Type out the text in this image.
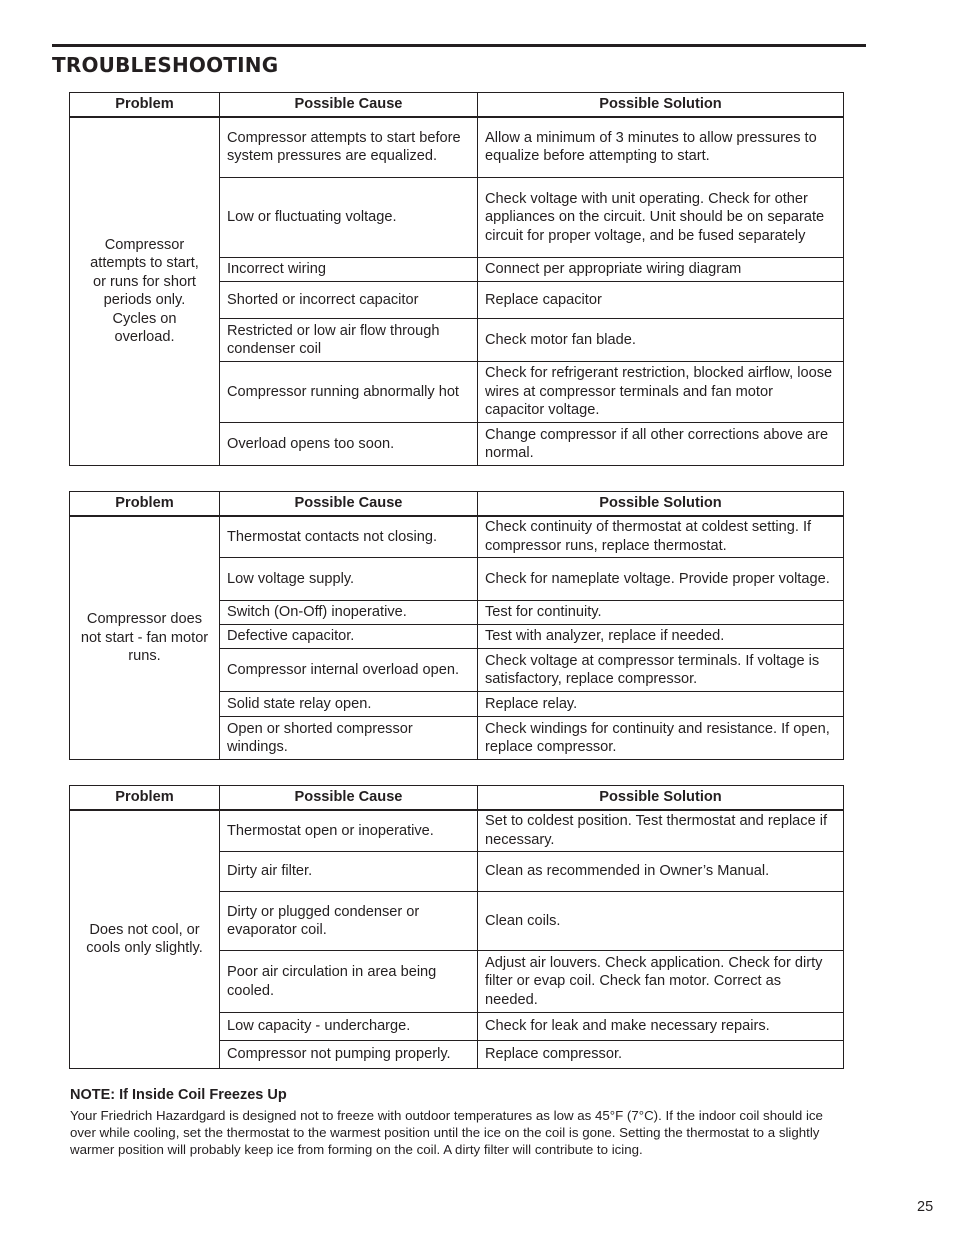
TROUBLESHOOTING
Problem	Possible Cause	Possible Solution

Compressor attempts to start, or runs for short periods only. Cycles on overload.	Compressor attempts to start before system pressures are equalized.	Allow a minimum of 3 minutes to allow pressures to equalize before attempting to start.
	Low or fluctuating voltage.	Check voltage with unit operating. Check for other appliances on the circuit. Unit should be on separate circuit for proper voltage, and be fused separately
	Incorrect wiring	Connect per appropriate wiring diagram
	Shorted or incorrect capacitor	Replace capacitor
	Restricted or low air flow through condenser coil	Check motor fan blade.
	Compressor running abnormally hot	Check for refrigerant restriction, blocked airflow, loose wires at compressor terminals and fan motor capacitor voltage.
	Overload opens too soon.	Change compressor if all other corrections above are normal.
Problem	Possible Cause	Possible Solution

Compressor does not start - fan motor runs.	Thermostat contacts not closing.	Check continuity of thermostat at coldest setting. If compressor runs, replace thermostat.
	Low voltage supply.	Check for nameplate voltage. Provide proper voltage.
	Switch (On-Off) inoperative.	Test for continuity.
	Defective capacitor.	Test with analyzer, replace if needed.
	Compressor internal overload open.	Check voltage at compressor terminals. If voltage is satisfactory, replace compressor.
	Solid state relay open.	Replace relay.
	Open or shorted compressor windings.	Check windings for continuity and resistance. If open, replace compressor.
Problem	Possible Cause	Possible Solution

Does not cool, or cools only slightly.	Thermostat open or inoperative.	Set to coldest position. Test thermostat and replace if necessary.
	Dirty air filter.	Clean as recommended in Owner’s Manual.
	Dirty or plugged condenser or evaporator coil.	Clean coils.
	Poor air circulation in area being cooled.	Adjust air louvers. Check application. Check for dirty filter or evap coil. Check fan motor. Correct as needed.
	Low capacity - undercharge.	Check for leak and make necessary repairs.
	Compressor not pumping properly.	Replace compressor.
NOTE: If Inside Coil Freezes Up
Your Friedrich Hazardgard is designed not to freeze with outdoor temperatures as low as 45°F (7°C). If the indoor coil should ice over while cooling, set the thermostat to the warmest position until the ice on the coil is gone. Setting the thermostat to a slightly warmer position will probably keep ice from forming on the coil. A dirty filter will contribute to icing.
25
